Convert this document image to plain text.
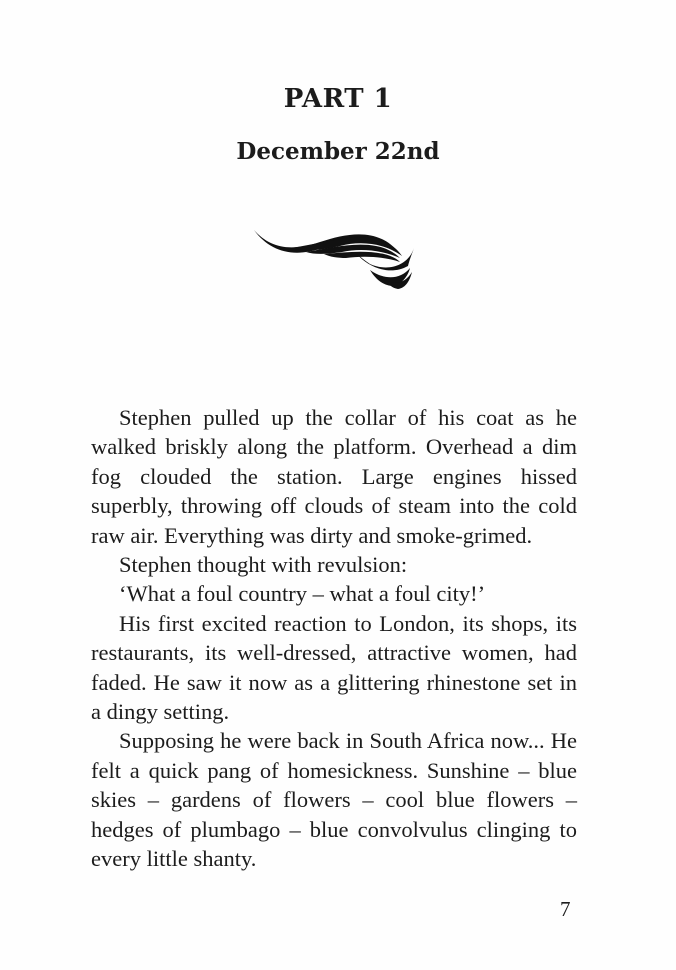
PART 1
December 22nd

Stephen pulled up the collar of his coat as he walked briskly along the platform. Overhead a dim fog clouded the station. Large engines hissed superbly, throwing off clouds of steam into the cold raw air. Everything was dirty and smoke-grimed.

Stephen thought with revulsion:

‘What a foul country – what a foul city!’

His first excited reaction to London, its shops, its restaurants, its well-dressed, attractive women, had faded. He saw it now as a glittering rhinestone set in a dingy setting.

Supposing he were back in South Africa now... He felt a quick pang of homesickness. Sunshine – blue skies – gardens of flowers – cool blue flowers – hedges of plumbago – blue convolvulus clinging to every little shanty.

7
